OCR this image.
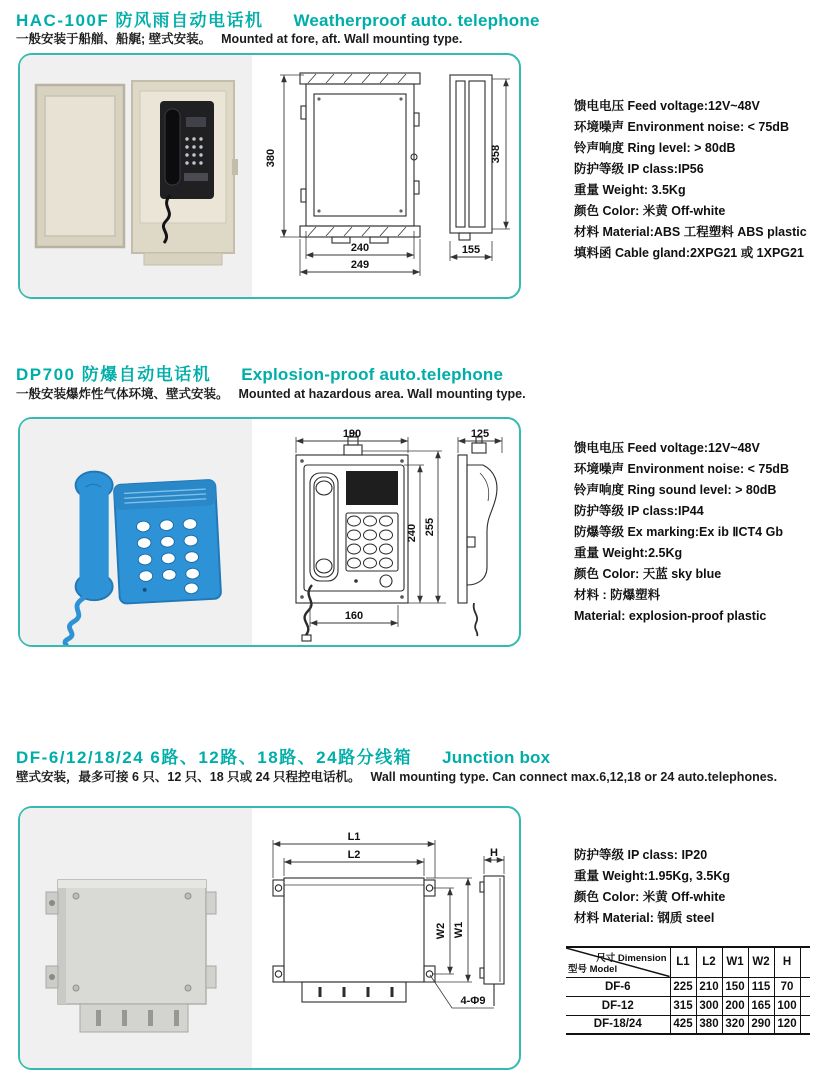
HAC-100F 防风雨自动电话机 Weatherproof auto. telephone
一般安装于船艏、船艉; 壁式安装。 Mounted at fore, aft. Wall mounting type.
380
240
249
358
155
馈电电压 Feed voltage:12V~48V
环境噪声 Environment noise: < 75dB
铃声响度 Ring level: > 80dB
防护等级 IP class:IP56
重量 Weight: 3.5Kg
颜色 Color: 米黄 Off-white
材料 Material:ABS 工程塑料 ABS plastic
填料函 Cable gland:2XPG21 或 1XPG21
DP700 防爆自动电话机 Explosion-proof auto.telephone
一般安装爆炸性气体环境、壁式安装。 Mounted at hazardous area. Wall mounting type.
190
240 255
160
125
馈电电压 Feed voltage:12V~48V
环境噪声 Environment noise: < 75dB
铃声响度 Ring sound level: > 80dB
防护等级 IP class:IP44
防爆等级 Ex marking:Ex ib ⅡCT4 Gb
重量 Weight:2.5Kg
颜色 Color: 天蓝 sky blue
材料 : 防爆塑料
Material: explosion-proof plastic
DF-6/12/18/24 6路、12路、18路、24路分线箱 Junction box
壁式安装，最多可接 6 只、12 只、18 只或 24 只程控电话机。 Wall mounting type. Can connect max.6,12,18 or 24 auto.telephones.
L1
L2
W2 W1
4-Φ9
H	防护等级 IP class: IP20
重量 Weight:1.95Kg, 3.5Kg
颜色 Color: 米黄 Off-white
材料 Material: 钢质 steel
尺寸 Dimension
型号 Model	L1	L2	W1	W2	H	
DF-6	225	210	150	115	70	
DF-12	315	300	200	165	100	
DF-18/24	425	380	320	290	120	
